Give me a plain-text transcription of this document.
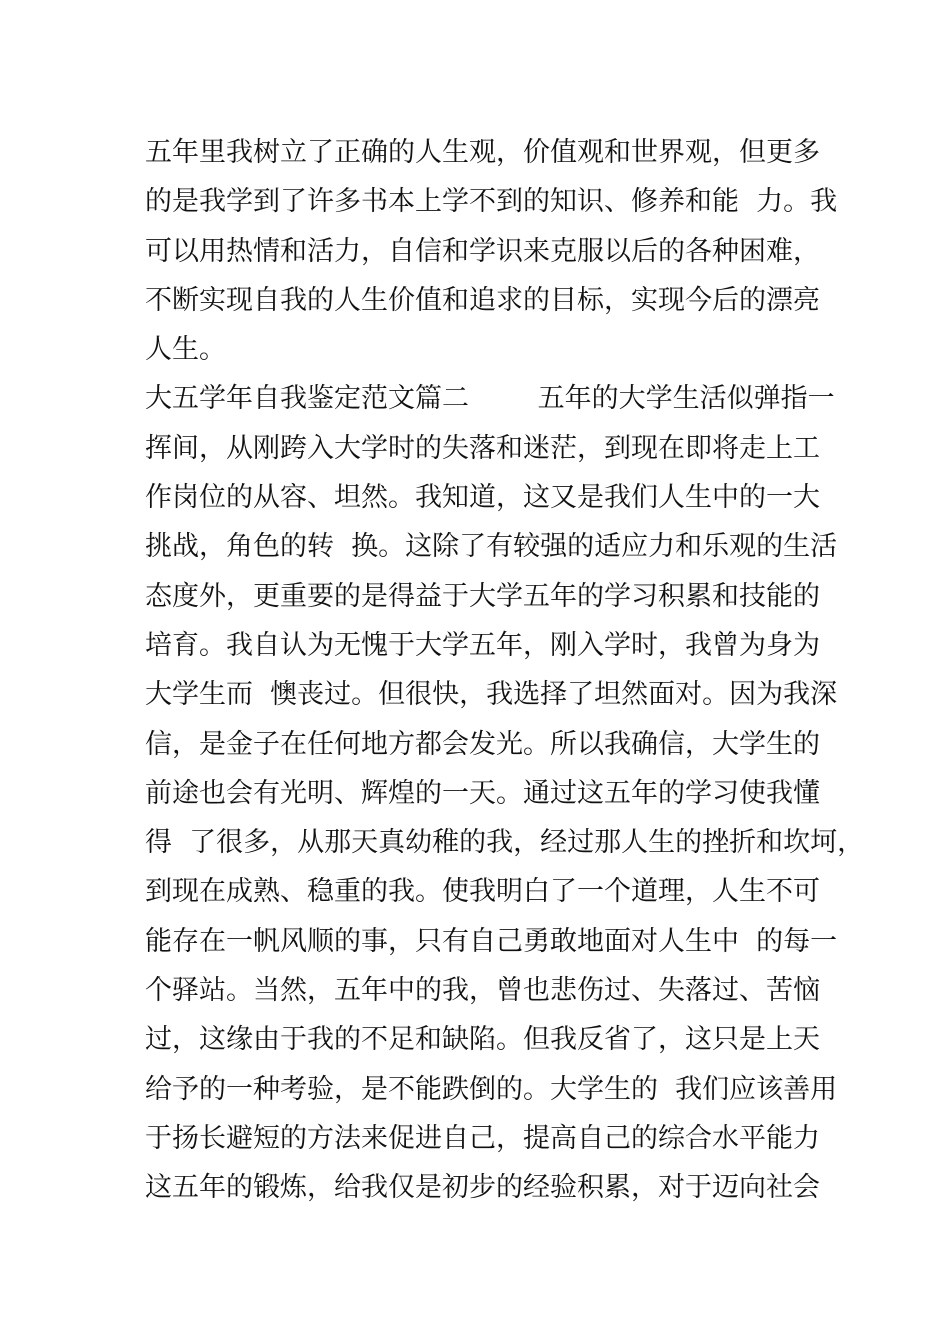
五年里我树立了正确的人生观，价值观和世界观，但更多
的是我学到了许多书本上学不到的知识、修养和能  力。我
可以用热情和活力，自信和学识来克服以后的各种困难，
不断实现自我的人生价值和追求的目标，实现今后的漂亮
人生。
大五学年自我鉴定范文篇二        五年的大学生活似弹指一
挥间，从刚跨入大学时的失落和迷茫，到现在即将走上工
作岗位的从容、坦然。我知道，这又是我们人生中的一大
挑战，角色的转  换。这除了有较强的适应力和乐观的生活
态度外，更重要的是得益于大学五年的学习积累和技能的
培育。我自认为无愧于大学五年，刚入学时，我曾为身为
大学生而  懊丧过。但很快，我选择了坦然面对。因为我深
信，是金子在任何地方都会发光。所以我确信，大学生的
前途也会有光明、辉煌的一天。通过这五年的学习使我懂
得  了很多，从那天真幼稚的我，经过那人生的挫折和坎坷，
到现在成熟、稳重的我。使我明白了一个道理，人生不可
能存在一帆风顺的事，只有自己勇敢地面对人生中  的每一
个驿站。当然，五年中的我，曾也悲伤过、失落过、苦恼
过，这缘由于我的不足和缺陷。但我反省了，这只是上天
给予的一种考验，是不能跌倒的。大学生的  我们应该善用
于扬长避短的方法来促进自己，提高自己的综合水平能力
这五年的锻炼，给我仅是初步的经验积累，对于迈向社会
